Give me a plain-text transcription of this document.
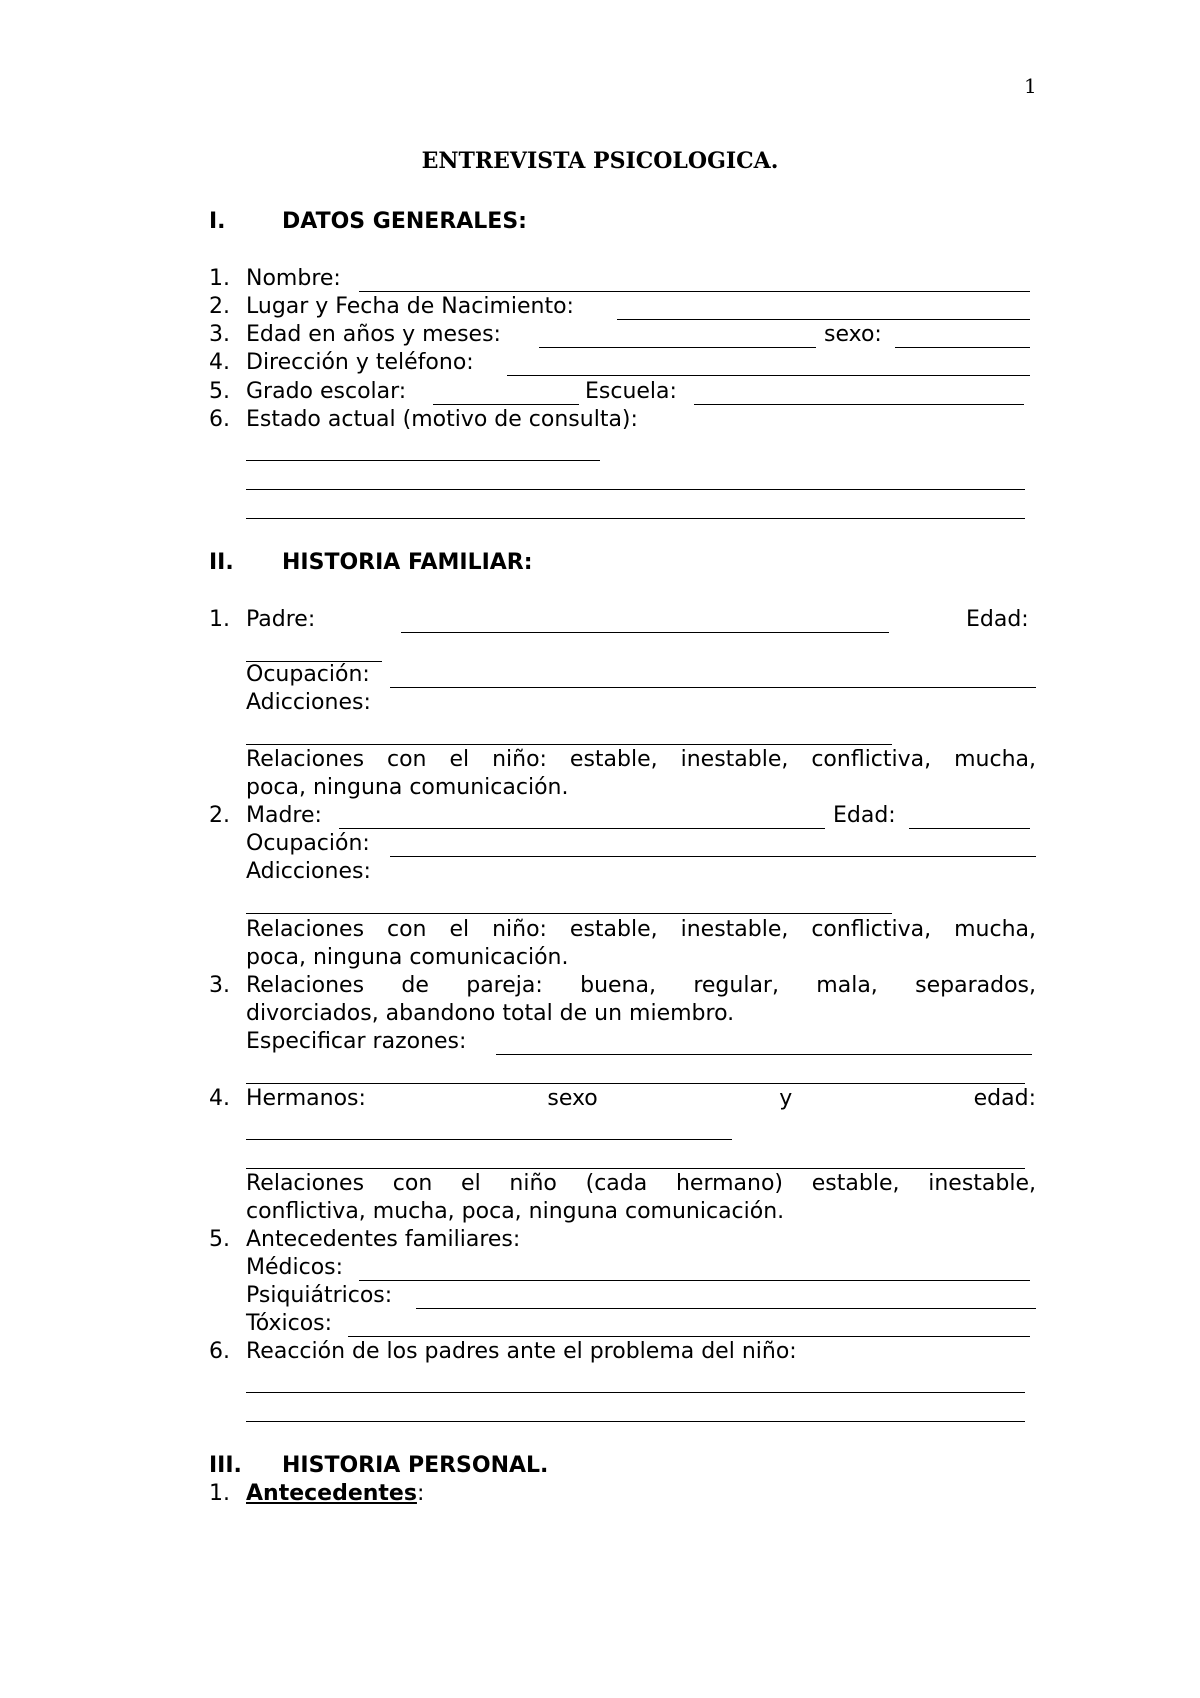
1
ENTREVISTA PSICOLOGICA.
I.	DATOS GENERALES:
1. Nombre:
2. Lugar y Fecha de Nacimiento:
3. Edad en años y meses:	sexo:
4. Dirección y teléfono:
5. Grado escolar:	Escuela:
6. Estado actual (motivo de consulta):
II. HISTORIA FAMILIAR:
1. Padre:	Edad:
Ocupación:
Adicciones:
Relaciones con el niño: estable, inestable, conflictiva, mucha,
poca, ninguna comunicación.
2. Madre:	Edad:
Ocupación:
Adicciones:
Relaciones con el niño: estable, inestable, conflictiva, mucha,
poca, ninguna comunicación.
3. Relaciones de pareja: buena, regular, mala, separados,
divorciados, abandono total de un miembro.
Especificar razones:
4. Hermanos: sexo y edad:
Relaciones con el niño (cada hermano) estable, inestable,
conflictiva, mucha, poca, ninguna comunicación.
5. Antecedentes familiares:
Médicos:
Psiquiátricos:
Tóxicos:
6. Reacción de los padres ante el problema del niño:
III. HISTORIA PERSONAL.
1. Antecedentes:
